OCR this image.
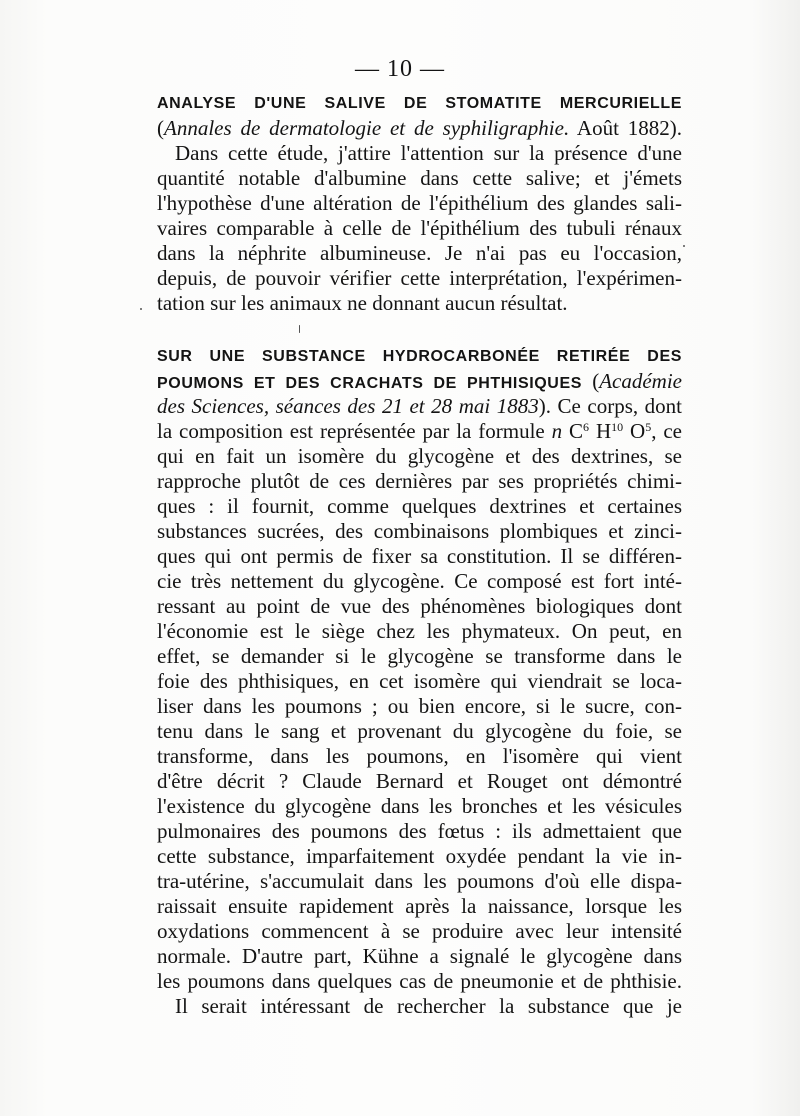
— 10 —
ANALYSE D'UNE SALIVE DE STOMATITE MERCURIELLE
(Annales de dermatologie et de syphiligraphie. Août 1882).
Dans cette étude, j'attire l'attention sur la présence d'une
quantité notable d'albumine dans cette salive; et j'émets
l'hypothèse d'une altération de l'épithélium des glandes sali-
vaires comparable à celle de l'épithélium des tubuli rénaux
dans la néphrite albumineuse. Je n'ai pas eu l'occasion,
depuis, de pouvoir vérifier cette interprétation, l'expérimen-
tation sur les animaux ne donnant aucun résultat.
SUR UNE SUBSTANCE HYDROCARBONÉE RETIRÉE DES
POUMONS ET DES CRACHATS DE PHTHISIQUES (Académie
des Sciences, séances des 21 et 28 mai 1883). Ce corps, dont
la composition est représentée par la formule n $C^6$ $H^{10}$ $O^5$, ce
qui en fait un isomère du glycogène et des dextrines, se
rapproche plutôt de ces dernières par ses propriétés chimi-
ques : il fournit, comme quelques dextrines et certaines
substances sucrées, des combinaisons plombiques et zinci-
ques qui ont permis de fixer sa constitution. Il se différen-
cie très nettement du glycogène. Ce composé est fort inté-
ressant au point de vue des phénomènes biologiques dont
l'économie est le siège chez les phymateux. On peut, en
effet, se demander si le glycogène se transforme dans le
foie des phthisiques, en cet isomère qui viendrait se loca-
liser dans les poumons ; ou bien encore, si le sucre, con-
tenu dans le sang et provenant du glycogène du foie, se
transforme, dans les poumons, en l'isomère qui vient
d'être décrit ? Claude Bernard et Rouget ont démontré
l'existence du glycogène dans les bronches et les vésicules
pulmonaires des poumons des fœtus : ils admettaient que
cette substance, imparfaitement oxydée pendant la vie in-
tra-utérine, s'accumulait dans les poumons d'où elle dispa-
raissait ensuite rapidement après la naissance, lorsque les
oxydations commencent à se produire avec leur intensité
normale. D'autre part, Kühne a signalé le glycogène dans
les poumons dans quelques cas de pneumonie et de phthisie.
Il serait intéressant de rechercher la substance que je
